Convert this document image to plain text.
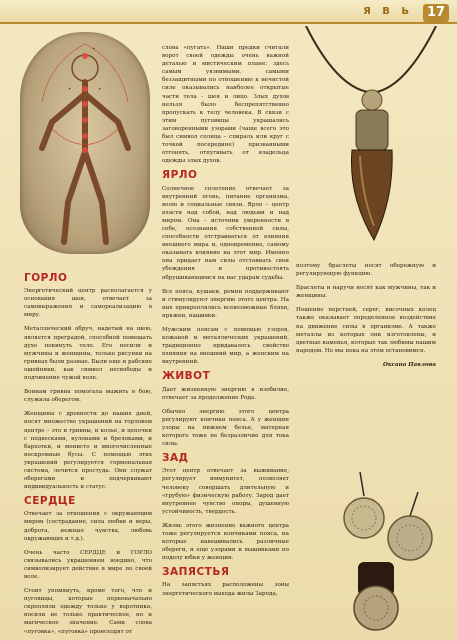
Я В Ь	17
✦
✦	✦
ГОРЛО

Энергетический центр располагается у основания шеи, отвечает за самовыражения и самореализацию в миру.

Металлический обруч, надетый на шею, является преградой, способной помешать духе покинуть тело. Его носили и мужчины и женщины, только рисунки на гривнах были разные. Были еще и рабские ошейники, как символ несвободы и подчинение чужой воле.

Воинам гривна помогала выжить в бою, служила оберегом.

Женщины с древности до наших дней, носят множество украшений на горловом центре – это и гривны, и колье, и цепочки с подвесками, кулонами и брелоками, и бархотки, и монисто и многочисленные нескромные бусы. С помощью этих украшений регулируется гормональная система, лечится простуда. Они служат оберегами и подчеркивают индивидуальность и статус.

СЕРДЦЕ

Отвечает за отношения с окружающим миром (сострадание, сила любви и веры, доброта, нежные чувства, любовь окружающих и т.д.).

Очень часто СЕРДЦЕ и ГОРЛО связывались украшением воедино, что символизирует действие в мире по своей воле.

Стоит упомянуть, кроме того, что и пуговицы, которые первоначально скрепляли одежду только у воротника, носили не только практическое, но и магическое значение. Сами слова «пуговка», «пуговка» происходят от

слова «пугать». Наши предки считали ворот своей одежды очень важной деталью и мистическим плане: здесь самым уязвимыми, самыми беззащитными по отношению к нечистой силе оказывались наиболее открытые части тела - шея и лицо. Злых духов нельзя было беспрепятственно пропускать к телу человека. В связи с этим пуговицы украшались заговоренными узорами (чаще всего это был символ солнца – спираль или круг с точкой посередине) призванными отгонять, отпугивать от владельца одежды злых духов.

ЯРЛО

Солнечное сплетение отвечает за внутренний огонь, питание организма, волю и социальные связи. Ярло – центр власти над собой, над людьми и над миром. Она - источник уверенности в себе, осознания собственной силы, способности отстраиваться от влияния внешнего мира и, одновременно, самому оказывать влияние на этот мир. Именно она придает нам силы отстаивать свои убеждения и противостоять обрушивающимся на нас ударам судьбы.

Все пояса, кушаки, ремни поддерживают и стимулируют энергию этого центра. На них прикреплялись всевозможные бляхи, пряжки, нашивки.

Мужским поясам с помощью узоров, кожаной и металлических украшений, традиционно придавалось свойство влияния на внешний мир, а женским на внутренний.

ЖИВОТ

Дает жизненную энергию в изобилие, отвечает за продолжение Рода.

Обычно энергию этого центра регулируют кончики пояса. А у женщин узоры на нижнем белье, матерная которого тоже не безразличие для тока силы.

ЗАД

Этот центр отвечает за выживание, регулирует иммунитет, позволяет человеку совершать длительную и «грубую» физическую работу. Зарод дает внутреннее чувство опоры, душевную устойчивость, твердость.

Жизнь этого жизненно важного центра тоже регулируется кончиками пояса, на которые навешивались различные обереги, и еще узорами и вышивками по подолу юбки у женщин.

ЗАПЯСТЬЯ

На запястьях расположены зоны энергетического выхода жилы Зарода,

поэтому браслеты носят обережную и регулирующую функцию.

Браслеты и наручи носят как мужчины, так и женщины.

Ношение перстней, серег, височных колец также оказывает определенное воздействие на движение силы в организме. А также металлы из которых они изготовлены, и цветные каменья, которые так любимы нашим народом. Но мы пока на этом остановимся.

Оксана Павлова
